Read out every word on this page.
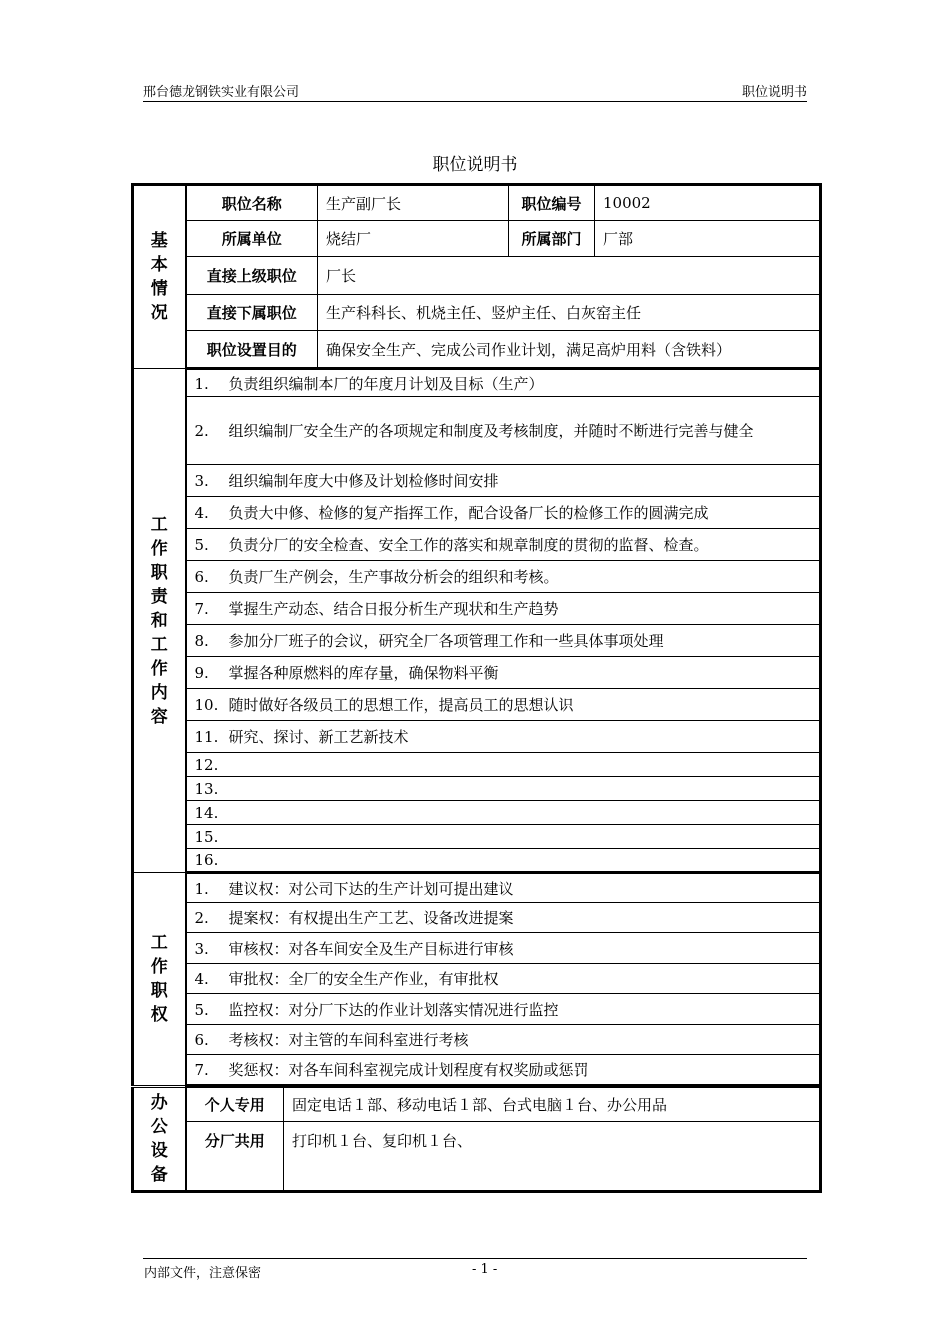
邢台德龙钢铁实业有限公司	职位说明书
职位说明书
基本情况	职位名称	生产副厂长	职位编号	10002
	所属单位	烧结厂	所属部门	厂部
	直接上级职位	厂长		
	直接下属职位	生产科科长、机烧主任、竖炉主任、白灰窑主任		
	职位设置目的	确保安全生产、完成公司作业计划，满足高炉用料（含铁料）		

工作职责和工作内容	1. 负责组织编制本厂的年度月计划及目标（生产）			
	2. 组织编制厂安全生产的各项规定和制度及考核制度，并随时不断进行完善与健全			
	3. 组织编制年度大中修及计划检修时间安排			
	4. 负责大中修、检修的复产指挥工作，配合设备厂长的检修工作的圆满完成			
	5. 负责分厂的安全检查、安全工作的落实和规章制度的贯彻的监督、检查。			
	6. 负责厂生产例会，生产事故分析会的组织和考核。			
	7. 掌握生产动态、结合日报分析生产现状和生产趋势			
	8. 参加分厂班子的会议，研究全厂各项管理工作和一些具体事项处理			
	9. 掌握各种原燃料的库存量，确保物料平衡			
	10. 随时做好各级员工的思想工作，提高员工的思想认识			
	11. 研究、探讨、新工艺新技术			
	12.			
	13.			
	14.			
	15.			
	16.			

工作职权	1. 建议权：对公司下达的生产计划可提出建议			
	2. 提案权：有权提出生产工艺、设备改进提案			
	3. 审核权：对各车间安全及生产目标进行审核			
	4. 审批权：全厂的安全生产作业，有审批权			
	5. 监控权：对分厂下达的作业计划落实情况进行监控			
	6. 考核权：对主管的车间科室进行考核			
	7. 奖惩权：对各车间科室视完成计划程度有权奖励或惩罚			
办公设备	个人专用	固定电话１部、移动电话１部、台式电脑１台、办公用品
	分厂共用	打印机１台、复印机１台、
内部文件，注意保密	- 1 -
